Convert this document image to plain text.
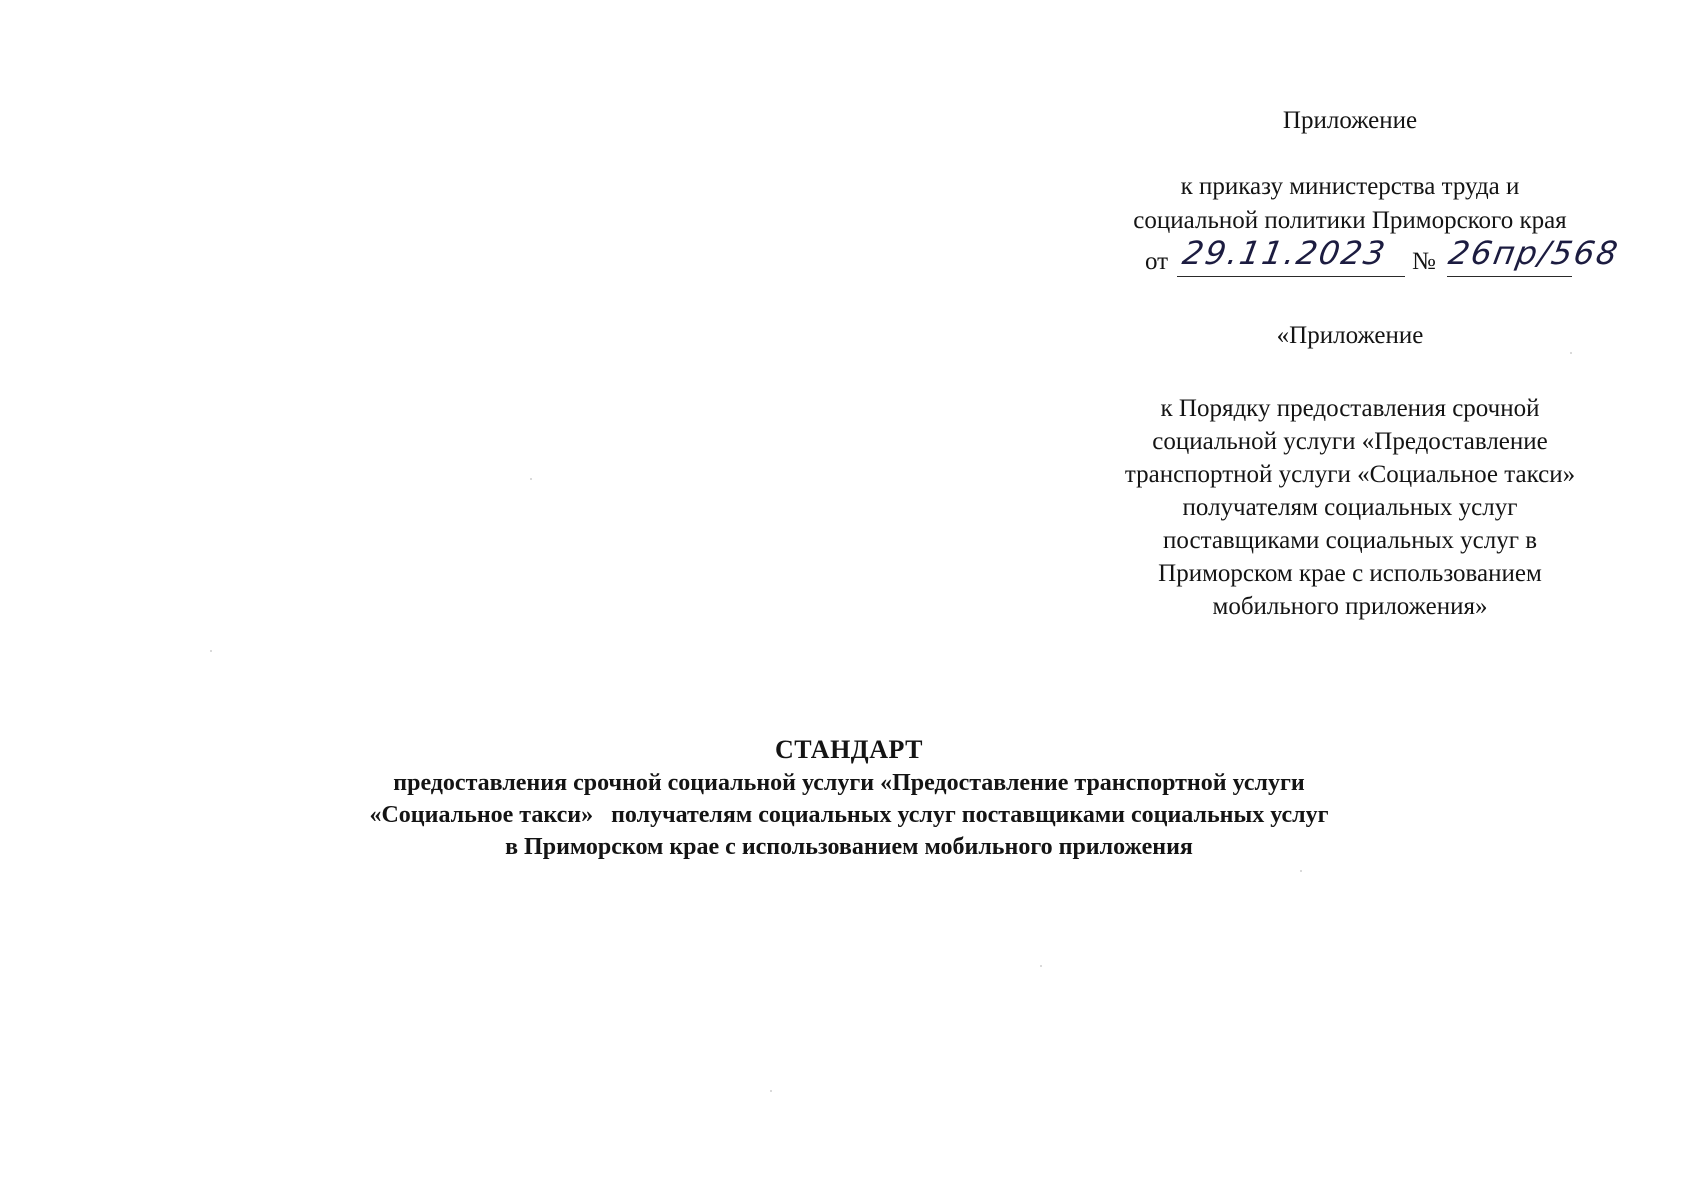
Приложение
к приказу министерства труда и
социальной политики Приморского края
от 29.11.2023 № 26пр/568
«Приложение
к Порядку предоставления срочной
социальной услуги «Предоставление
транспортной услуги «Социальное такси»
получателям социальных услуг
поставщиками социальных услуг в
Приморском крае с использованием
мобильного приложения»
СТАНДАРТ
предоставления срочной социальной услуги «Предоставление транспортной услуги
«Социальное такси»   получателям социальных услуг поставщиками социальных услуг
в Приморском крае с использованием мобильного приложения
